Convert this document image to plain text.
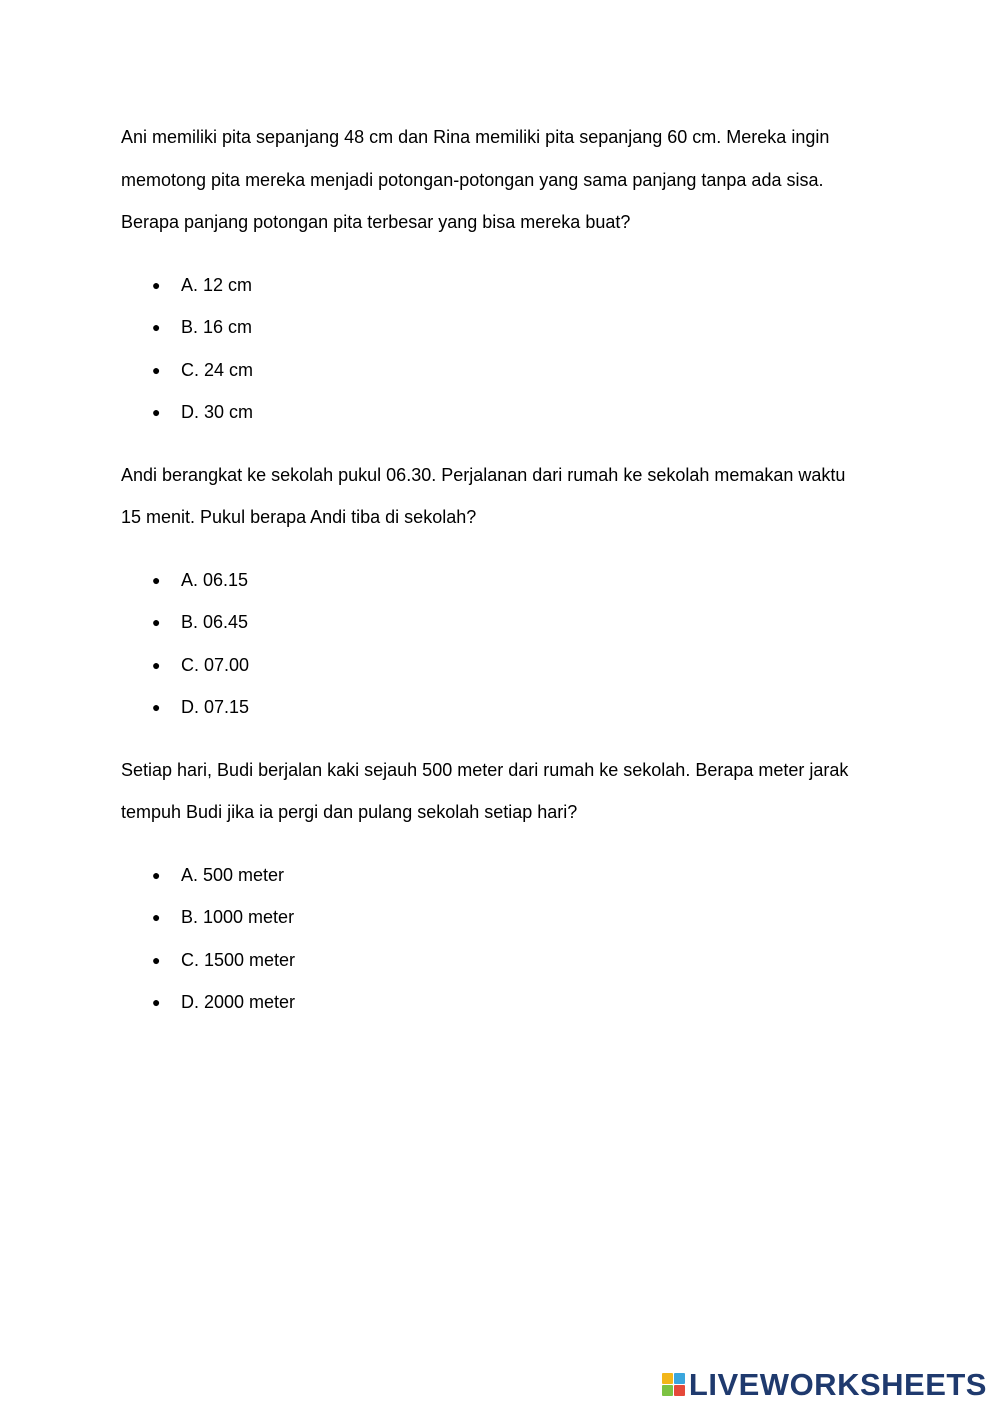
Ani memiliki pita sepanjang 48 cm dan Rina memiliki pita sepanjang 60 cm. Mereka ingin
memotong pita mereka menjadi potongan-potongan yang sama panjang tanpa ada sisa.
Berapa panjang potongan pita terbesar yang bisa mereka buat?

● A. 12 cm
● B. 16 cm
● C. 24 cm
● D. 30 cm

Andi berangkat ke sekolah pukul 06.30. Perjalanan dari rumah ke sekolah memakan waktu
15 menit. Pukul berapa Andi tiba di sekolah?

● A. 06.15
● B. 06.45
● C. 07.00
● D. 07.15

Setiap hari, Budi berjalan kaki sejauh 500 meter dari rumah ke sekolah. Berapa meter jarak
tempuh Budi jika ia pergi dan pulang sekolah setiap hari?

● A. 500 meter
● B. 1000 meter
● C. 1500 meter
● D. 2000 meter
LIVEWORKSHEETS
